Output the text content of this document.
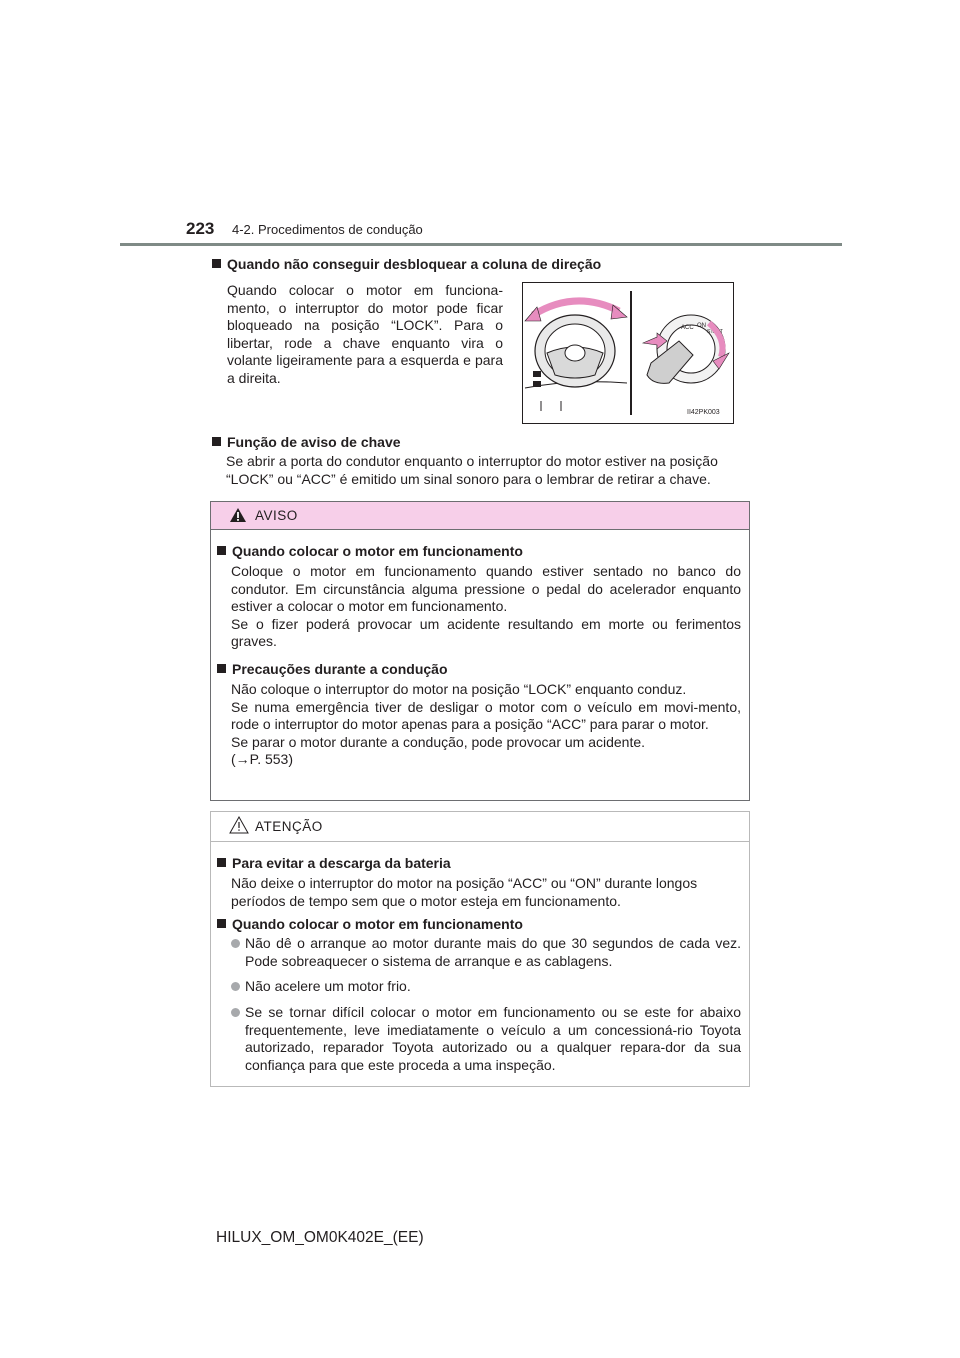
223 4-2. Procedimentos de condução
Quando não conseguir desbloquear a coluna de direção
Quando colocar o motor em funciona-mento, o interruptor do motor pode ficar bloqueado na posição “LOCK”. Para o libertar, rode a chave enquanto vira o volante ligeiramente para a esquerda e para a direita.
ACC ON
START
II42PK003
Função de aviso de chave
Se abrir a porta do condutor enquanto o interruptor do motor estiver na posição “LOCK” ou “ACC” é emitido um sinal sonoro para o lembrar de retirar a chave.
AVISO

Quando colocar o motor em funcionamento

Coloque o motor em funcionamento quando estiver sentado no banco do condutor. Em circunstância alguma pressione o pedal do acelerador enquanto estiver a colocar o motor em funcionamento.

Se o fizer poderá provocar um acidente resultando em morte ou ferimentos graves.

Precauções durante a condução

Não coloque o interruptor do motor na posição “LOCK” enquanto conduz.

Se numa emergência tiver de desligar o motor com o veículo em movi-mento, rode o interruptor do motor apenas para a posição “ACC” para parar o motor.

Se parar o motor durante a condução, pode provocar um acidente.

(→P. 553)

ATENÇÃO

Para evitar a descarga da bateria

Não deixe o interruptor do motor na posição “ACC” ou “ON” durante longos períodos de tempo sem que o motor esteja em funcionamento.

Quando colocar o motor em funcionamento

Não dê o arranque ao motor durante mais do que 30 segundos de cada vez. Pode sobreaquecer o sistema de arranque e as cablagens.
Não acelere um motor frio.
Se se tornar difícil colocar o motor em funcionamento ou se este for abaixo frequentemente, leve imediatamente o veículo a um concessioná-rio Toyota autorizado, reparador Toyota autorizado ou a qualquer repara-dor da sua confiança para que este proceda a uma inspeção.
HILUX_OM_OM0K402E_(EE)
